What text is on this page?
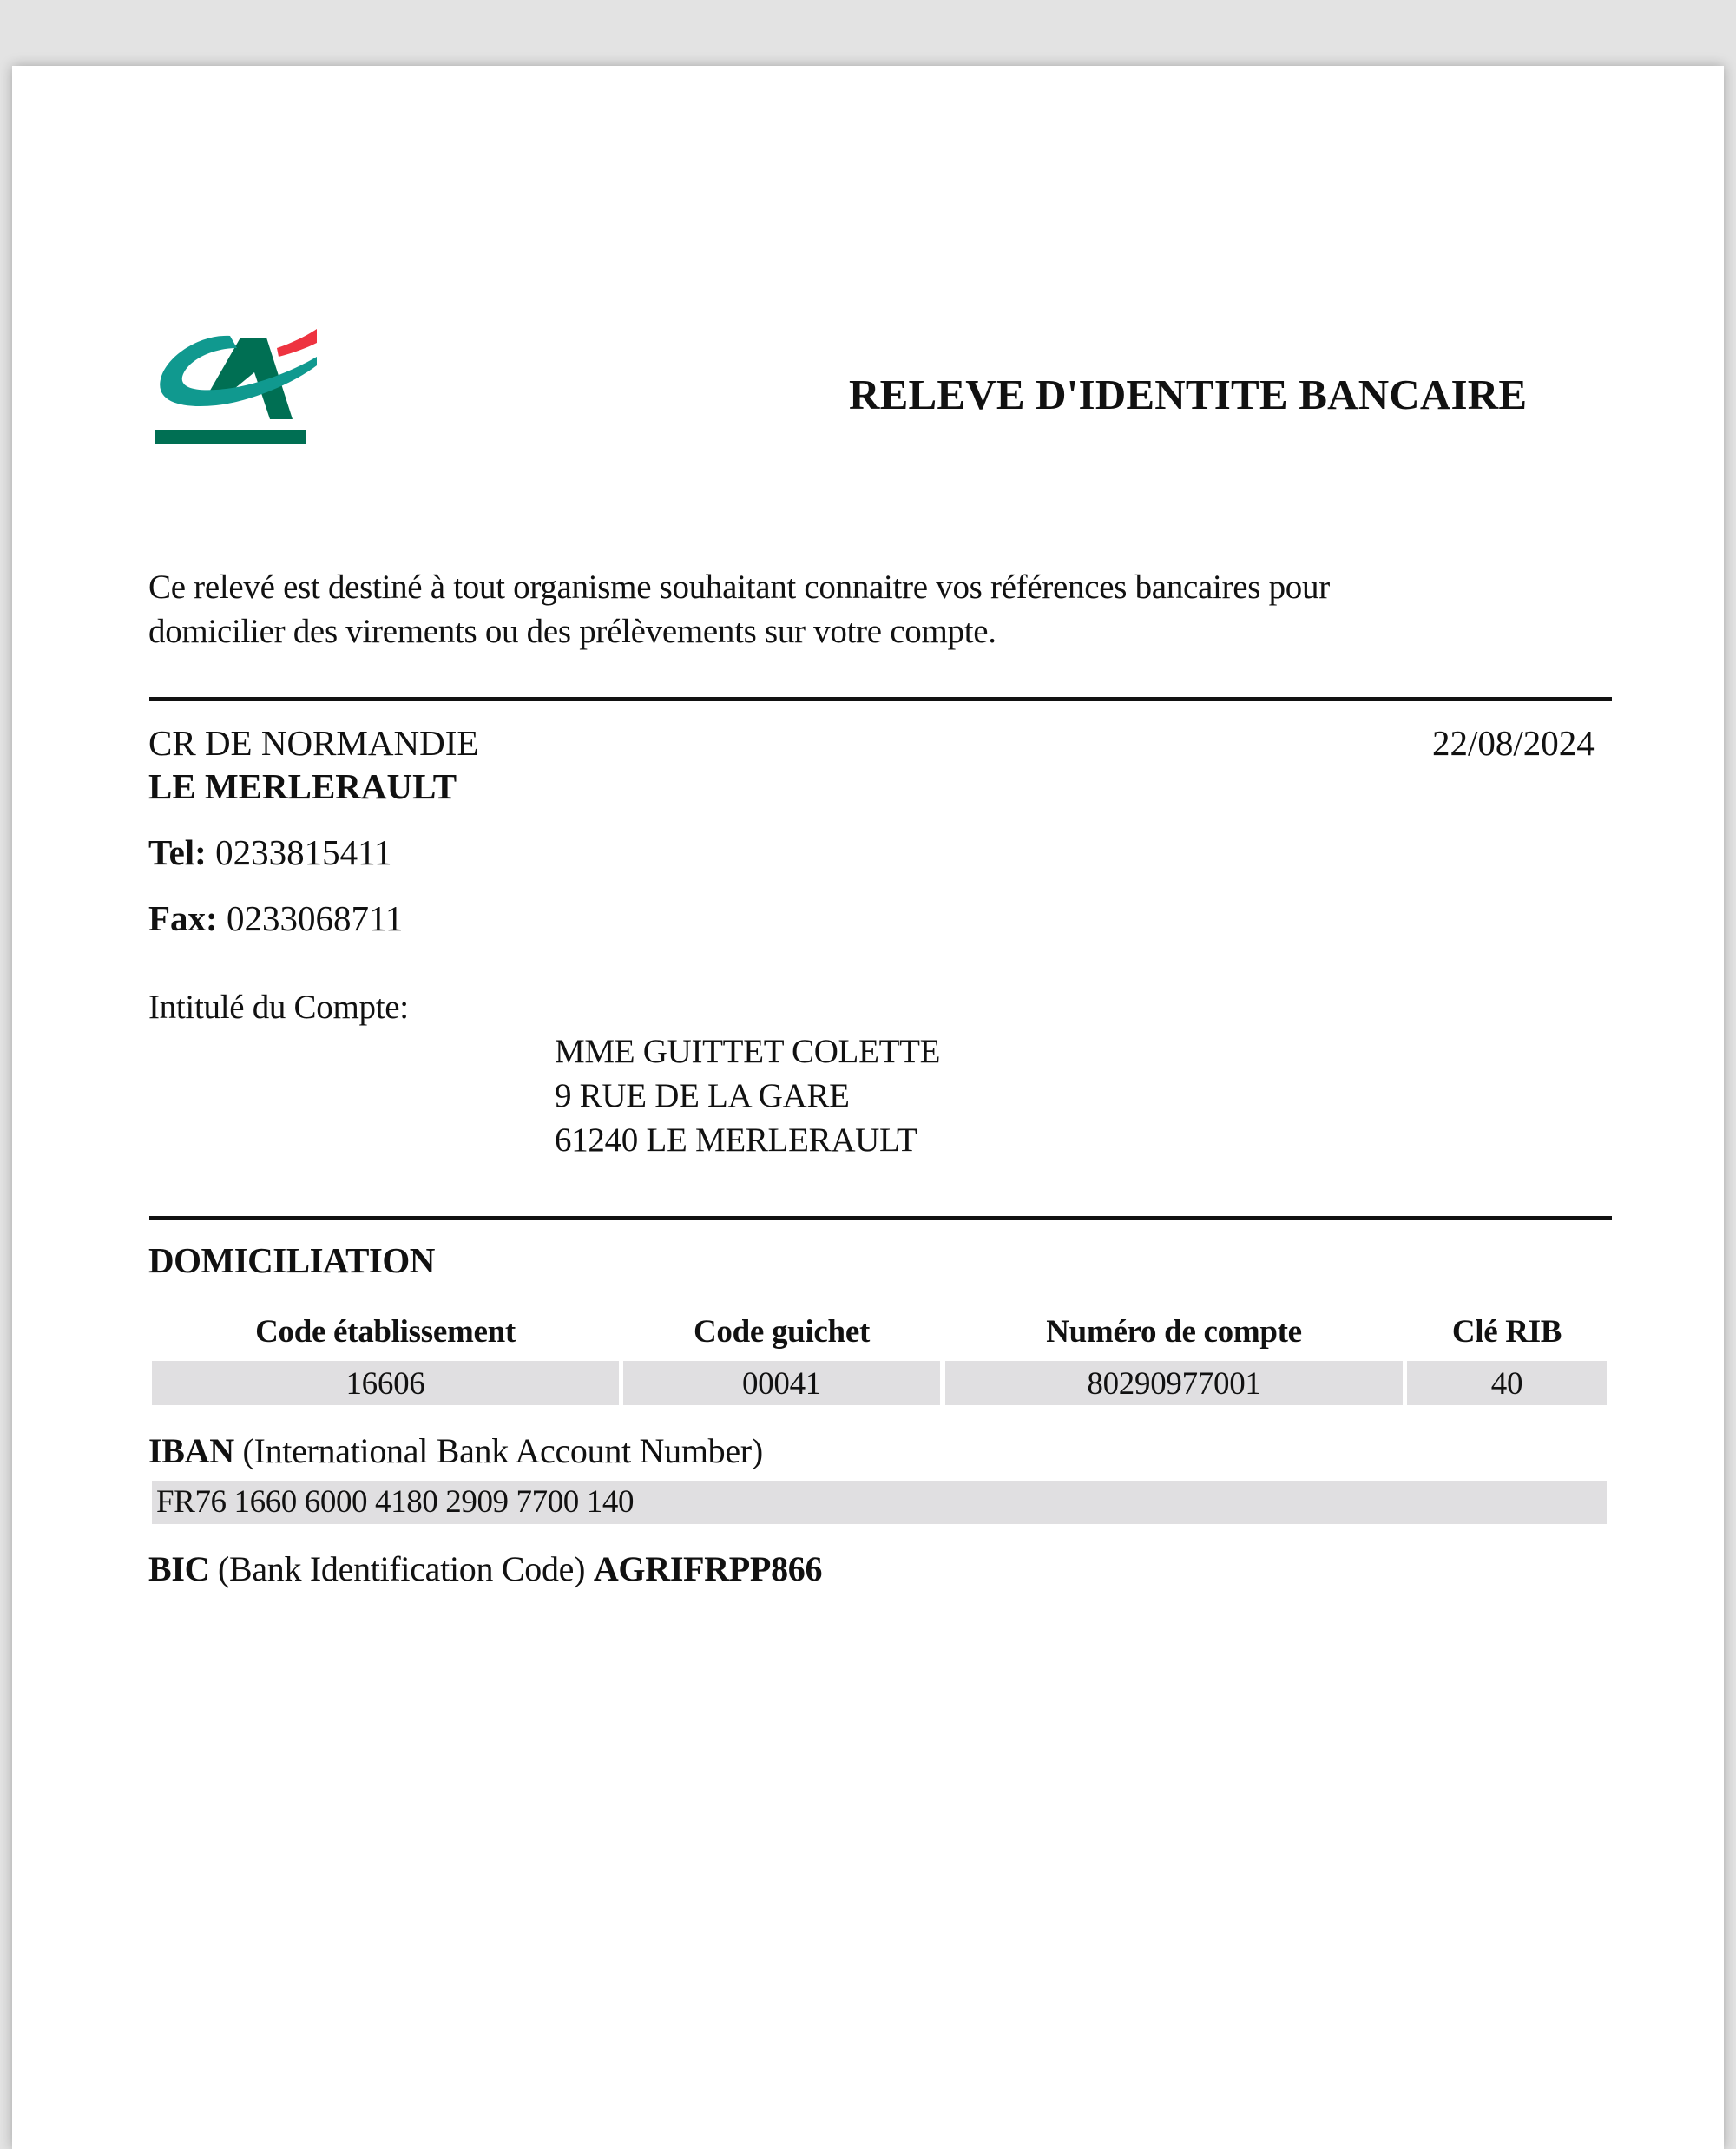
RELEVE D'IDENTITE BANCAIRE
Ce relevé est destiné à tout organisme souhaitant connaitre vos références bancaires pour
domicilier des virements ou des prélèvements sur votre compte.
CR DE NORMANDIE	22/08/2024
LE MERLERAULT
Tel: 0233815411
Fax: 0233068711
Intitulé du Compte:
MME GUITTET COLETTE
9 RUE DE LA GARE
61240 LE MERLERAULT
DOMICILIATION
Code établissement	Code guichet	Numéro de compte	Clé RIB
16606	00041	80290977001	40
IBAN (International Bank Account Number)
FR76 1660 6000 4180 2909 7700 140
BIC (Bank Identification Code) AGRIFRPP866
